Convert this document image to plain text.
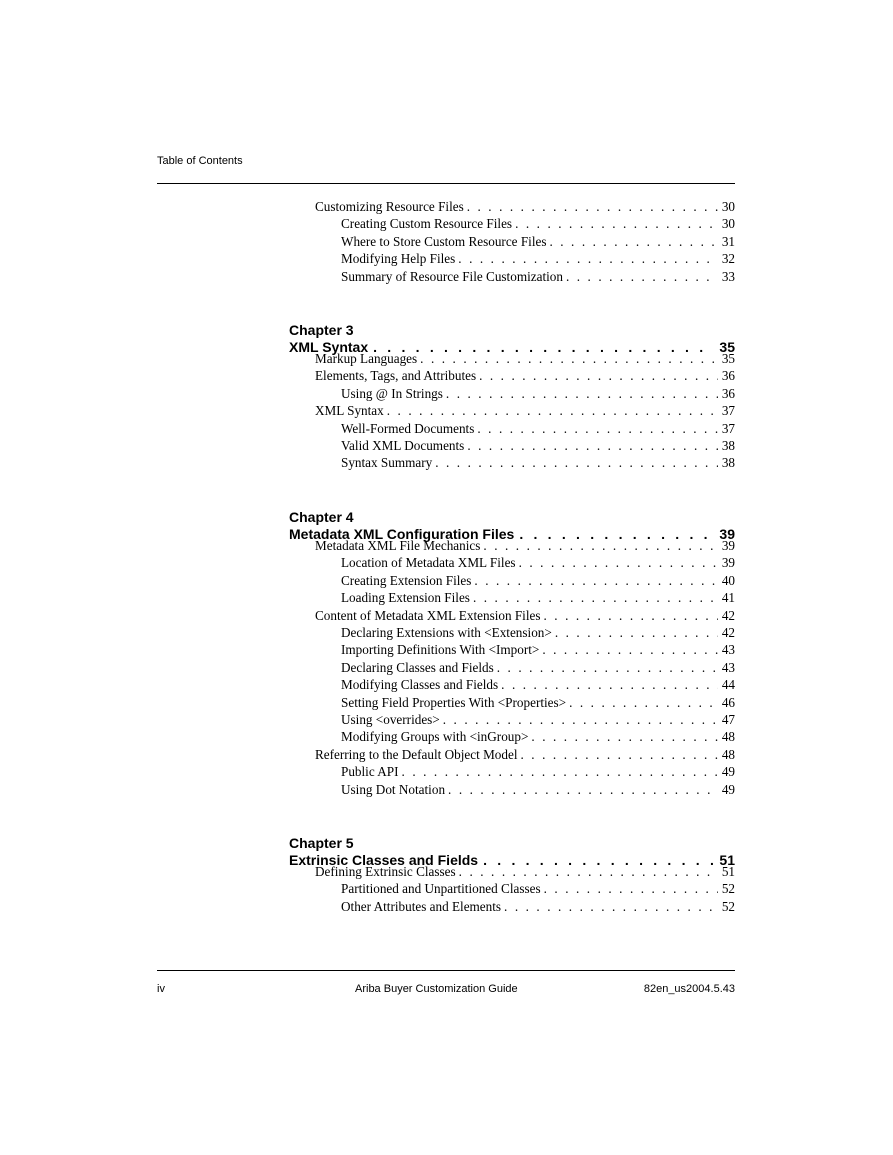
Table of Contents
Customizing Resource Files . . .	30
Creating Custom Resource Files . . .	30
Where to Store Custom Resource Files . . .	31
Modifying Help Files . . .	32
Summary of Resource File Customization . . .	33
Chapter 3
XML Syntax . . .	35
Markup Languages . . .	35
Elements, Tags, and Attributes . . .	36
Using @ In Strings . . .	36
XML Syntax . . .	37
Well-Formed Documents . . .	37
Valid XML Documents . . .	38
Syntax Summary . . .	38
Chapter 4
Metadata XML Configuration Files . . .	39
Metadata XML File Mechanics . . .	39
Location of Metadata XML Files . . .	39
Creating Extension Files . . .	40
Loading Extension Files . . .	41
Content of Metadata XML Extension Files . . .	42
Declaring Extensions with <Extension> . . .	42
Importing Definitions With <Import> . . .	43
Declaring Classes and Fields . . .	43
Modifying Classes and Fields . . .	44
Setting Field Properties With <Properties> . . .	46
Using <overrides> . . .	47
Modifying Groups with <inGroup> . . .	48
Referring to the Default Object Model . . .	48
Public API . . .	49
Using Dot Notation . . .	49
Chapter 5
Extrinsic Classes and Fields . . .	51
Defining Extrinsic Classes . . .	51
Partitioned and Unpartitioned Classes . . .	52
Other Attributes and Elements . . .	52
iv	Ariba Buyer Customization Guide	82en_us2004.5.43
